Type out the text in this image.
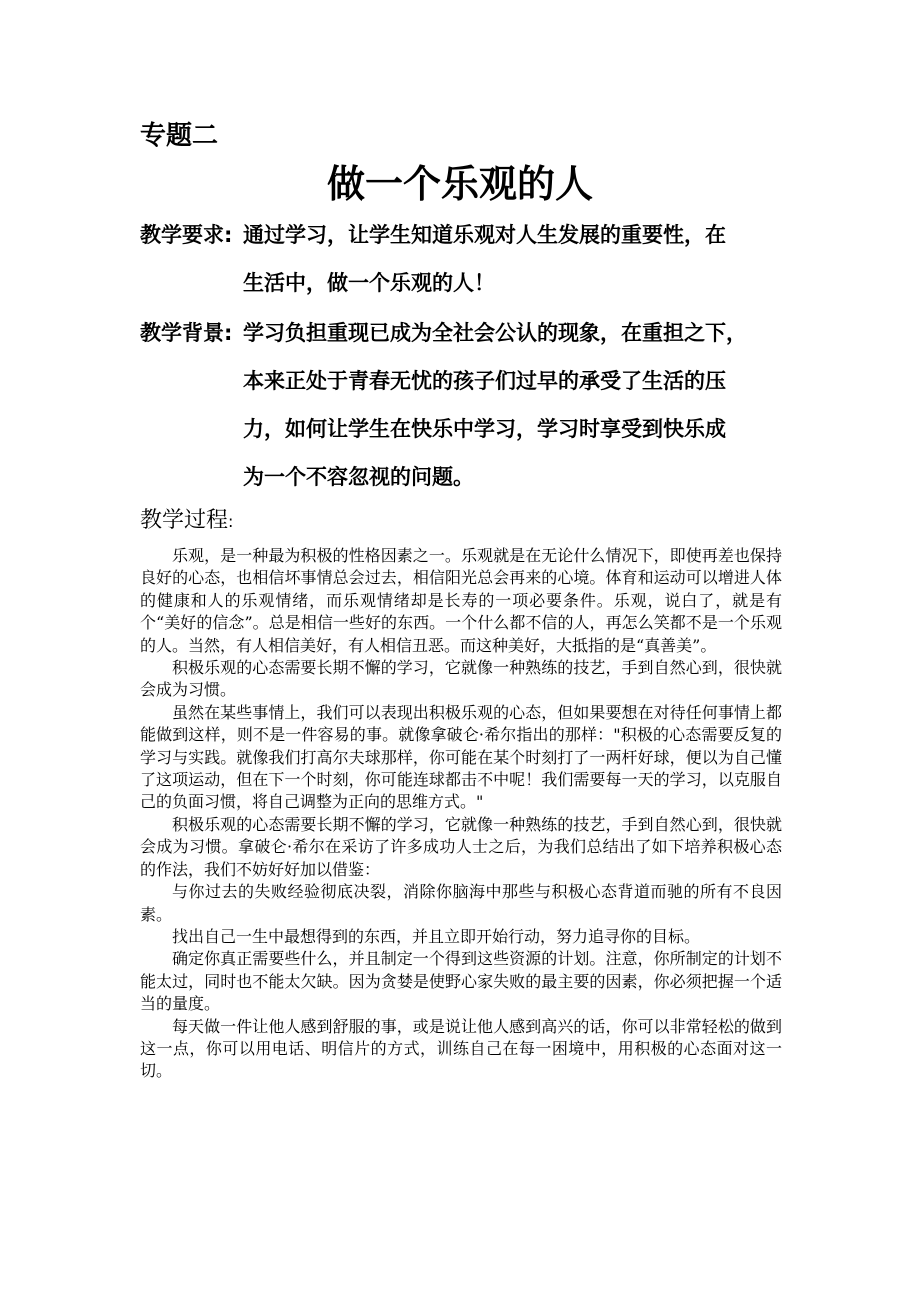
专题二
做一个乐观的人
教学要求: 通过学习，让学生知道乐观对人生发展的重要性，在
生活中，做一个乐观的人！
教学背景: 学习负担重现已成为全社会公认的现象，在重担之下，
本来正处于青春无忧的孩子们过早的承受了生活的压
力，如何让学生在快乐中学习，学习时享受到快乐成
为一个不容忽视的问题。
教学过程:

乐观，是一种最为积极的性格因素之一。乐观就是在无论什么情况下，即使再差也保持良好的心态，也相信坏事情总会过去，相信阳光总会再来的心境。体育和运动可以增进人体的健康和人的乐观情绪，而乐观情绪却是长寿的一项必要条件。乐观，说白了，就是有个“美好的信念”。总是相信一些好的东西。一个什么都不信的人，再怎么笑都不是一个乐观的人。当然，有人相信美好，有人相信丑恶。而这种美好，大抵指的是“真善美”。

积极乐观的心态需要长期不懈的学习，它就像一种熟练的技艺，手到自然心到，很快就会成为习惯。

虽然在某些事情上，我们可以表现出积极乐观的心态，但如果要想在对待任何事情上都能做到这样，则不是一件容易的事。就像拿破仑·希尔指出的那样："积极的心态需要反复的学习与实践。就像我们打高尔夫球那样，你可能在某个时刻打了一两杆好球，便以为自己懂了这项运动，但在下一个时刻，你可能连球都击不中呢！我们需要每一天的学习，以克服自己的负面习惯，将自己调整为正向的思维方式。"

积极乐观的心态需要长期不懈的学习，它就像一种熟练的技艺，手到自然心到，很快就会成为习惯。拿破仑·希尔在采访了许多成功人士之后，为我们总结出了如下培养积极心态的作法，我们不妨好好加以借鉴：

与你过去的失败经验彻底决裂，消除你脑海中那些与积极心态背道而驰的所有不良因素。

找出自己一生中最想得到的东西，并且立即开始行动，努力追寻你的目标。

确定你真正需要些什么，并且制定一个得到这些资源的计划。注意，你所制定的计划不能太过，同时也不能太欠缺。因为贪婪是使野心家失败的最主要的因素，你必须把握一个适当的量度。

每天做一件让他人感到舒服的事，或是说让他人感到高兴的话，你可以非常轻松的做到这一点，你可以用电话、明信片的方式，训练自己在每一困境中，用积极的心态面对这一切。
